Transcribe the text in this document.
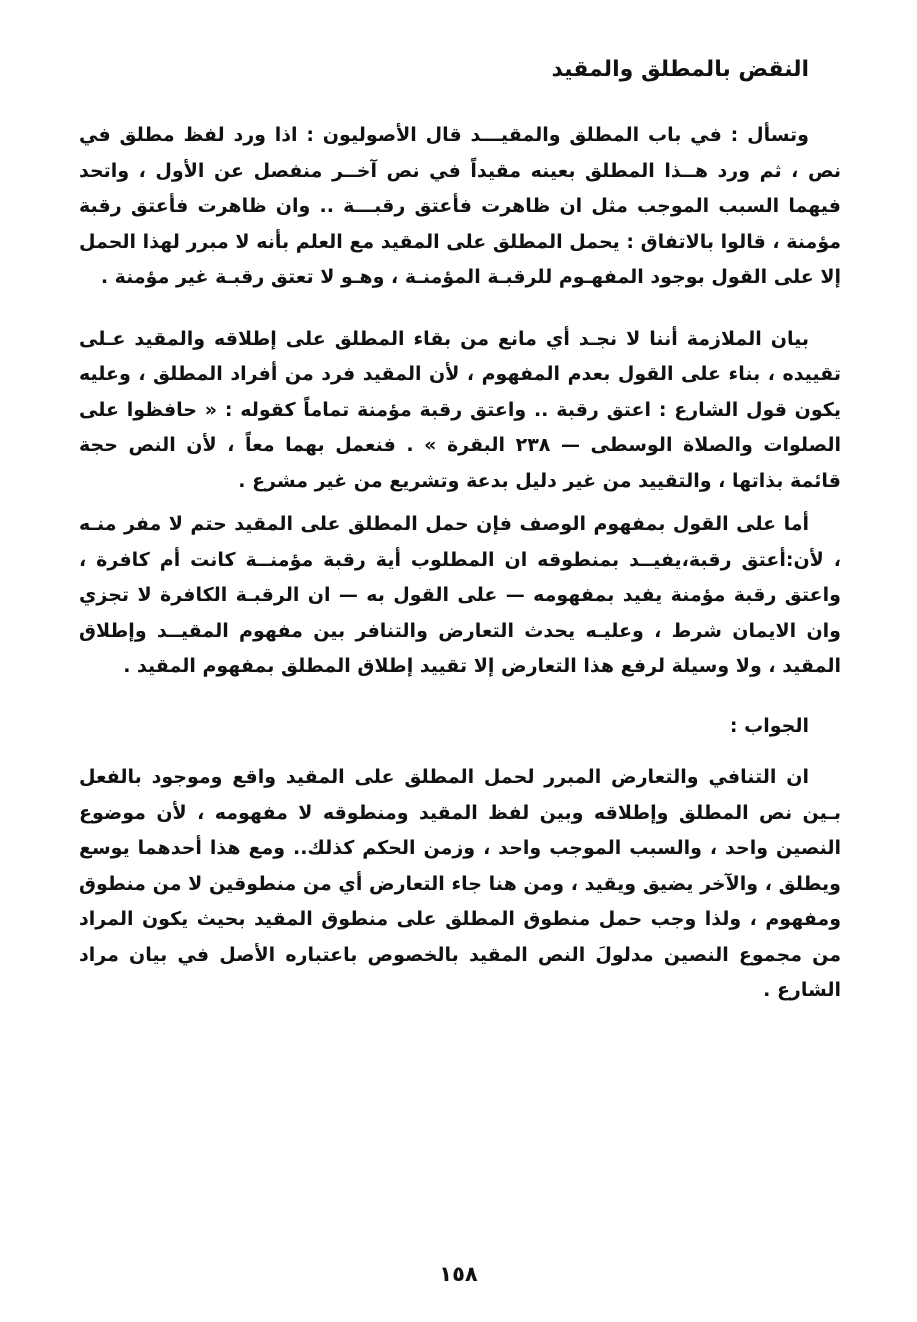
النقض بالمطلق والمقيد

وتسأل : في باب المطلق والمقيـــد قال الأصوليون : اذا ورد لفظ مطلق في نص ، ثم ورد هــذا المطلق بعينه مقيداً في نص آخــر منفصل عن الأول ، واتحد فيهما السبب الموجب مثل ان ظاهرت فأعتق رقبـــة .. وان ظاهرت فأعتق رقبة مؤمنة ، قالوا بالاتفاق : يحمل المطلق على المقيد مع العلم بأنه لا مبرر لهذا الحمل إلا على القول بوجود المفهـوم للرقبـة المؤمنـة ، وهـو لا تعتق رقبـة غير مؤمنة .

بيان الملازمة أننا لا نجـد أي مانع من بقاء المطلق على إطلاقه والمقيد عـلى تقييده ، بناء على القول بعدم المفهوم ، لأن المقيد فرد من أفراد المطلق ، وعليه يكون قول الشارع : اعتق رقبة .. واعتق رقبة مؤمنة تماماً كقوله : « حافظوا على الصلوات والصلاة الوسطى — ٢٣٨ البقرة » . فنعمل بهما معاً ، لأن النص حجة قائمة بذاتها ، والتقييد من غير دليل بدعة وتشريع من غير مشرع .

أما على القول بمفهوم الوصف فإن حمل المطلق على المقيد حتم لا مفر منـه ، لأن:أعتق رقبة،يفيــد بمنطوقه ان المطلوب أية رقبة مؤمنــة كانت أم كافرة ، واعتق رقبة مؤمنة يفيد بمفهومه — على القول به — ان الرقبـة الكافرة لا تجزي وان الايمان شرط ، وعليـه يحدث التعارض والتنافر بين مفهوم المقيــد وإطلاق المقيد ، ولا وسيلة لرفع هذا التعارض إلا تقييد إطلاق المطلق بمفهوم المقيد .

الجواب :

ان التنافي والتعارض المبرر لحمل المطلق على المقيد واقع وموجود بالفعل بـين نص المطلق وإطلاقه وبين لفظ المقيد ومنطوقه لا مفهومه ، لأن موضوع النصين واحد ، والسبب الموجب واحد ، وزمن الحكم كذلك.. ومع هذا أحدهما يوسع ويطلق ، والآخر يضيق ويقيد ، ومن هنا جاء التعارض أي من منطوقين لا من منطوق ومفهوم ، ولذا وجب حمل منطوق المطلق على منطوق المقيد بحيث يكون المراد من مجموع النصين مدلولَ النص المقيد بالخصوص باعتباره الأصل في بيان مراد الشارع .

١٥٨
